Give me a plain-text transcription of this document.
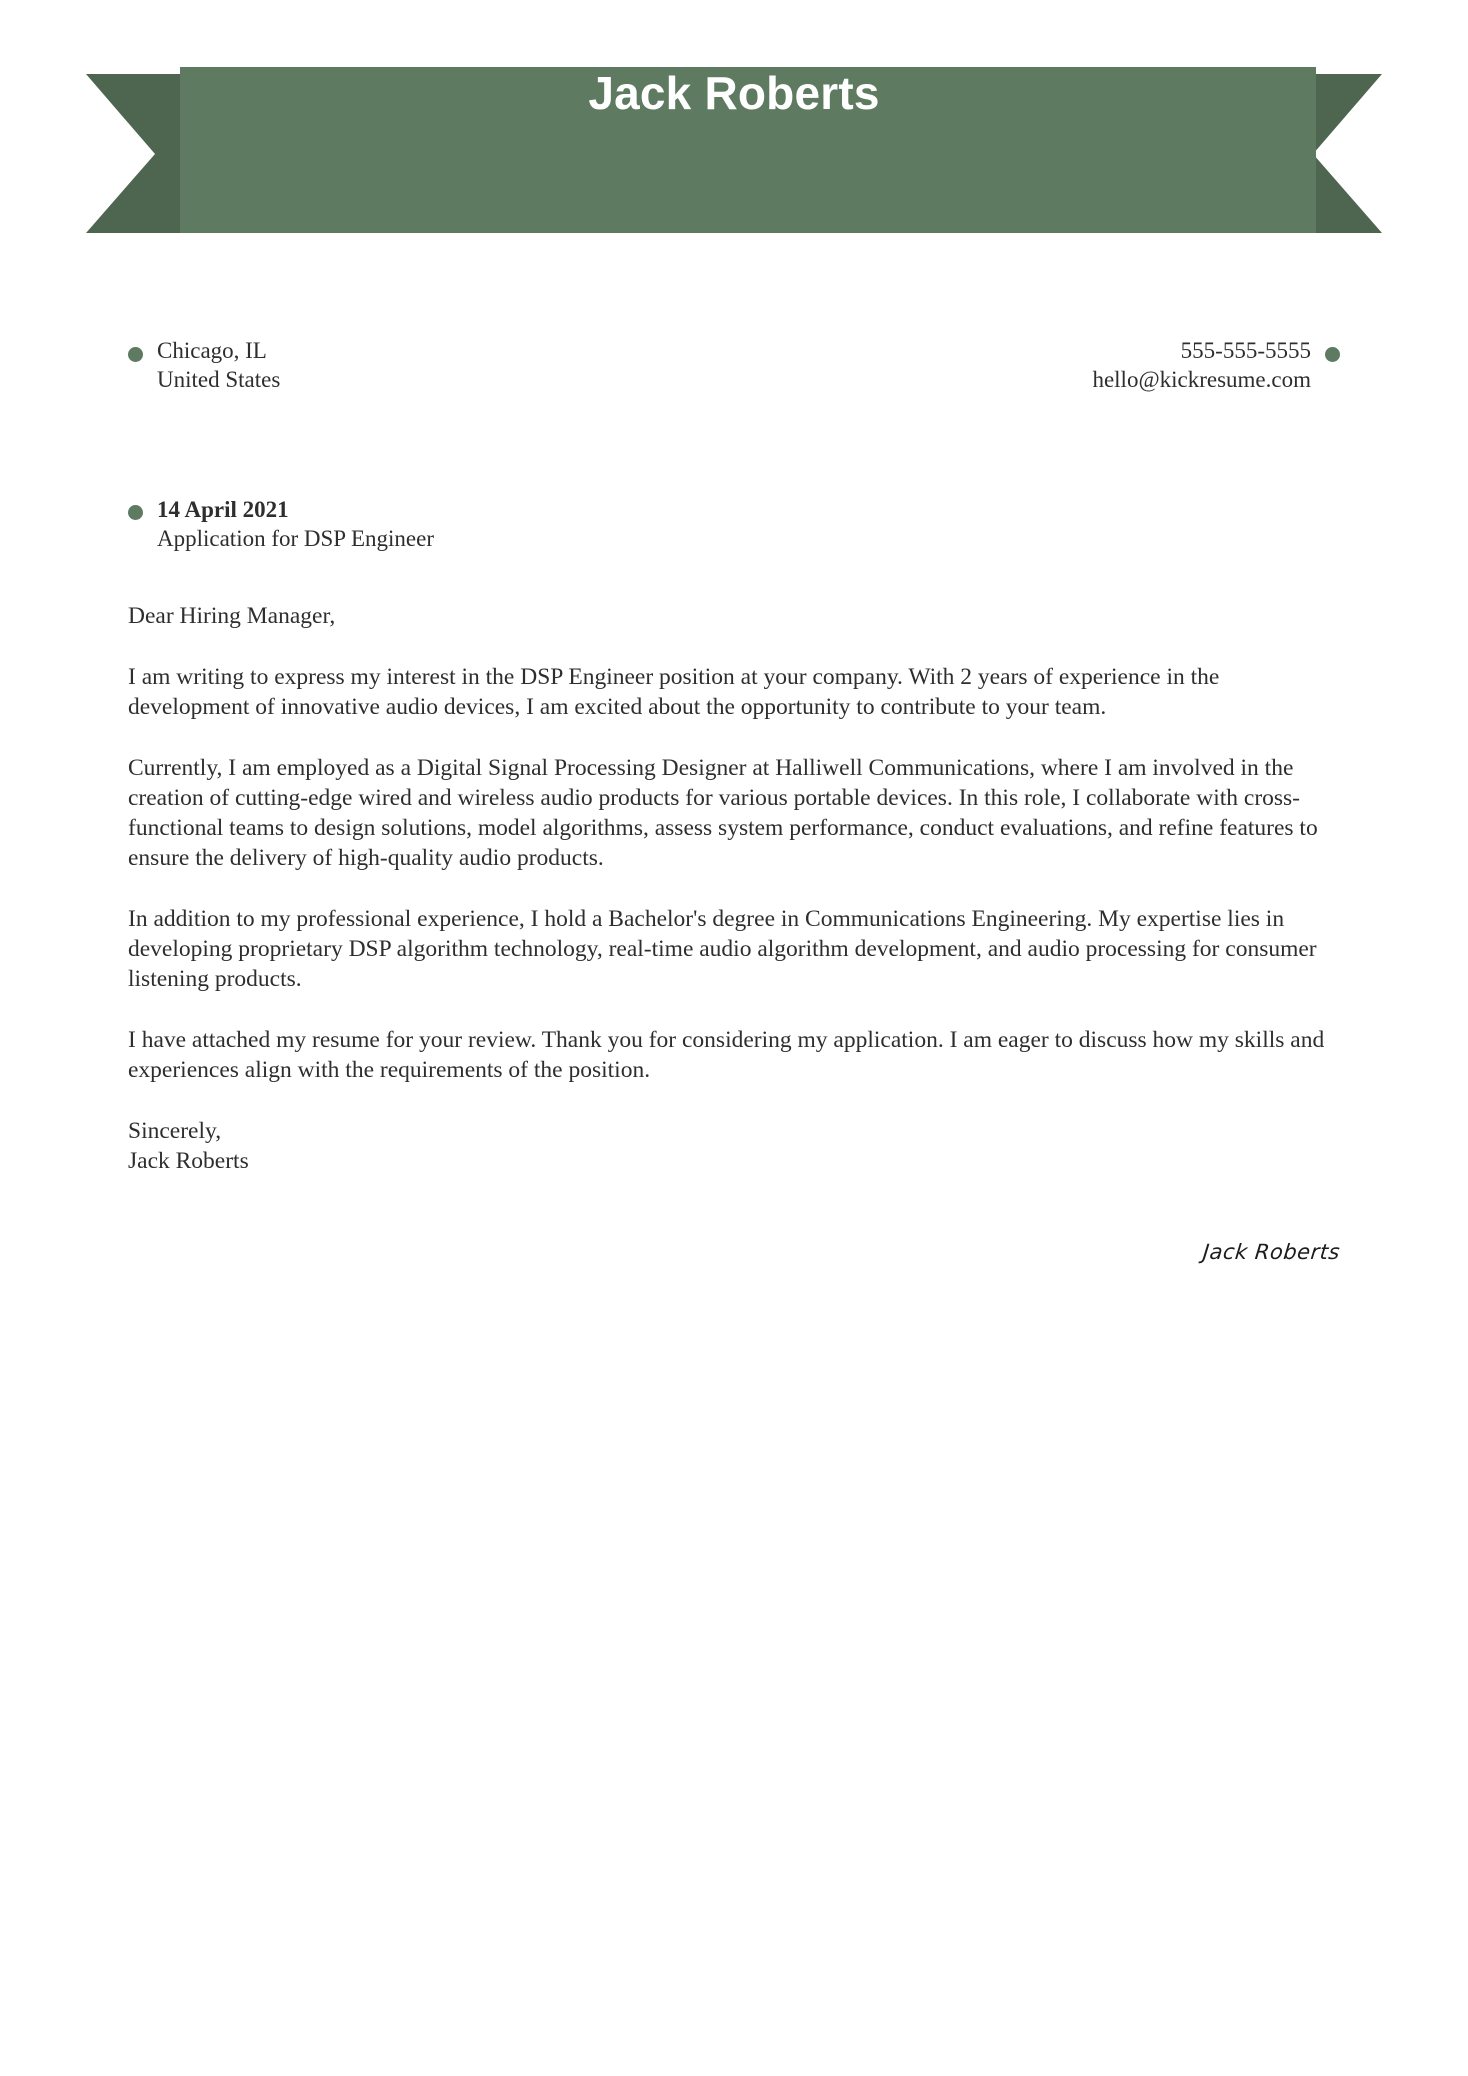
Jack Roberts
Chicago, IL
United States
555-555-5555
hello@kickresume.com
14 April 2021
Application for DSP Engineer

Dear Hiring Manager,

I am writing to express my interest in the DSP Engineer position at your company. With 2 years of experience in the development of innovative audio devices, I am excited about the opportunity to contribute to your team.

Currently, I am employed as a Digital Signal Processing Designer at Halliwell Communications, where I am involved in the creation of cutting-edge wired and wireless audio products for various portable devices. In this role, I collaborate with cross-functional teams to design solutions, model algorithms, assess system performance, conduct evaluations, and refine features to ensure the delivery of high-quality audio products.

In addition to my professional experience, I hold a Bachelor's degree in Communications Engineering. My expertise lies in developing proprietary DSP algorithm technology, real-time audio algorithm development, and audio processing for consumer listening products.

I have attached my resume for your review. Thank you for considering my application. I am eager to discuss how my skills and experiences align with the requirements of the position.

Sincerely,
Jack Roberts
Jack Roberts
